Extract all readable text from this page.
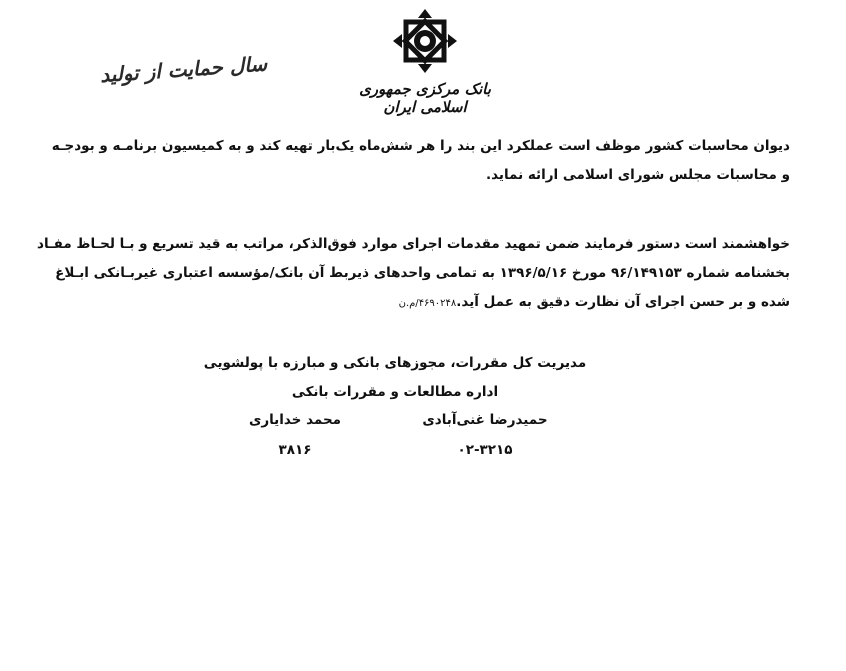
بانک مرکزی جمهوری اسلامی ایران
سال حمایت از تولید
دیوان محاسبات کشور موظف است عملکرد این بند را هر شش‌ماه یک‌بار تهیه کند و به کمیسیون برنامـه و بودجـه
و محاسبات مجلس شورای اسلامی ارائه نماید.
خواهشمند است دستور فرمایند ضمن تمهید مقدمات اجرای موارد فوق‌الذکر، مراتب به قید تسریع و بـا لحـاظ مفـاد
بخشنامه شماره ۹۶/۱۴۹۱۵۳ مورخ ۱۳۹۶/۵/۱۶ به تمامی واحدهای ذیربط آن بانک/مؤسسه اعتباری غیربـانکی ابـلاغ
شده و بر حسن اجرای آن نظارت دقیق به عمل آید.۴۶۹۰۲۴۸/م.ن
مدیریت کل مقررات، مجوزهای بانکی و مبارزه با پولشویی
اداره مطالعات و مقررات بانکی
حمیدرضا غنی‌آبادی
محمد خدایاری
۰۲-۳۲۱۵
۳۸۱۶
